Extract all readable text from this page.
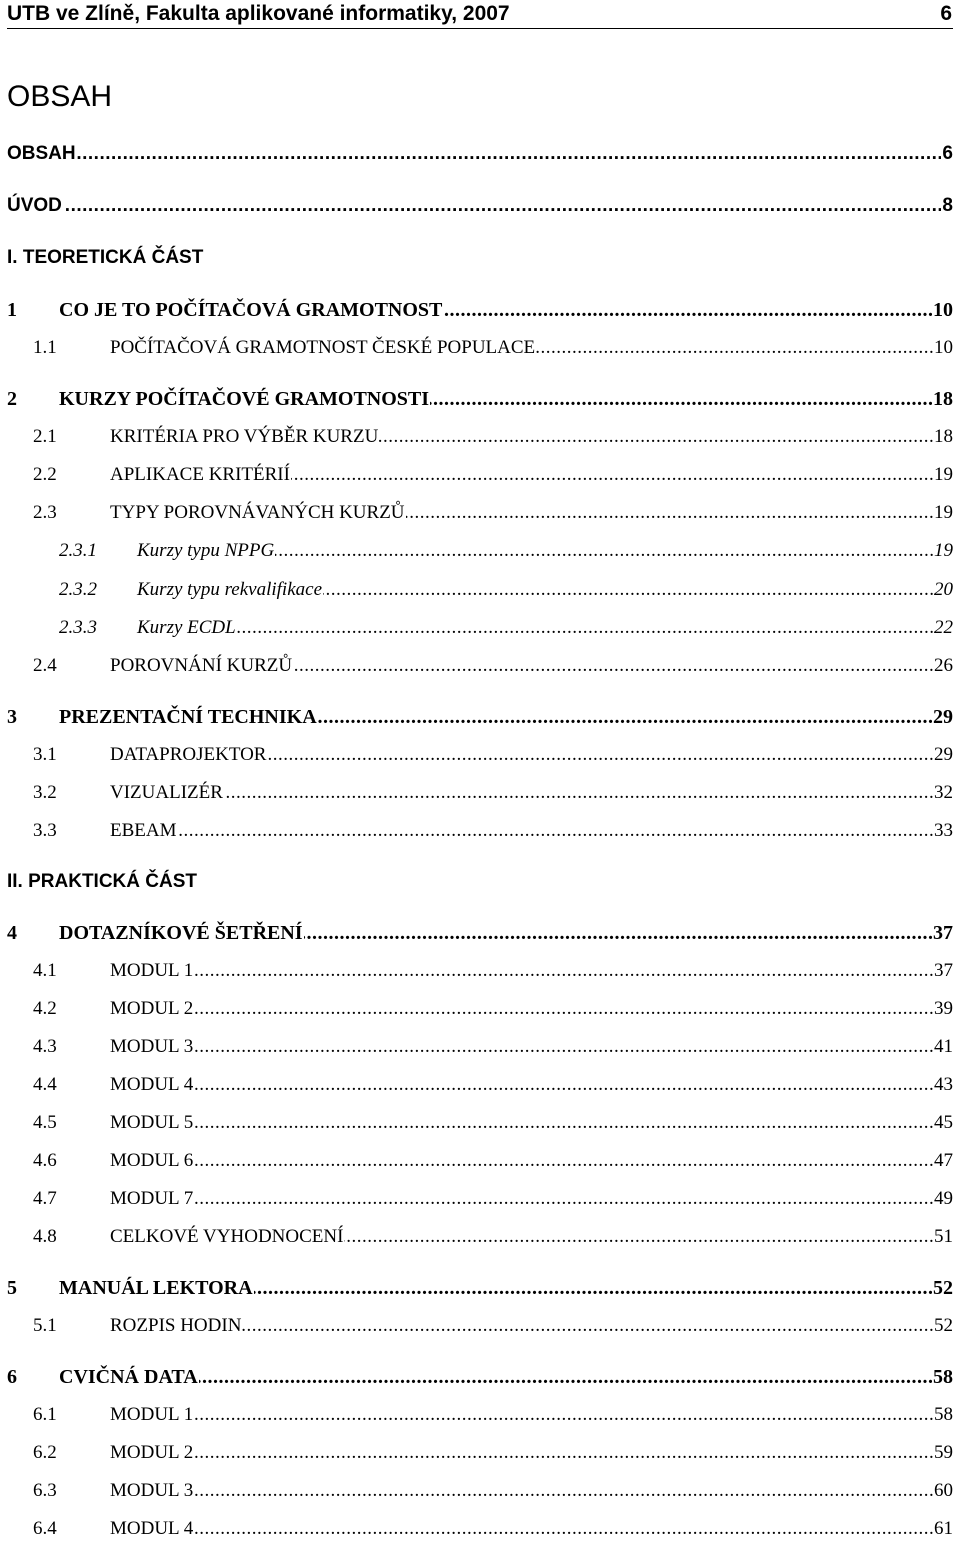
UTB ve Zlíně, Fakulta aplikované informatiky, 2007	6
OBSAH
.....
OBSAH	6
.....
ÚVOD	8
I. TEORETICKÁ ČÁST
1 ..... CO JE TO POČÍTAČOVÁ GRAMOTNOST	10
1.1 .....	POČÍTAČOVÁ GRAMOTNOST ČESKÉ POPULACE	10
2 ..... KURZY POČÍTAČOVÉ GRAMOTNOSTI	18
2.1 .....	KRITÉRIA PRO VÝBĚR KURZU	18
2.2 .....	APLIKACE KRITÉRIÍ	19
2.3 .....	TYPY POROVNÁVANÝCH KURZŮ	19
2.3.1 ..... Kurzy typu NPPG	19
2.3.2 ..... Kurzy typu rekvalifikace	20
2.3.3 ..... Kurzy ECDL	22
2.4 .....	POROVNÁNÍ KURZŮ	26
3 ..... PREZENTAČNÍ TECHNIKA	29
3.1 .....	DATAPROJEKTOR	29
3.2 .....	VIZUALIZÉR	32
3.3 .....	EBEAM	33
II. PRAKTICKÁ ČÁST
4 ..... DOTAZNÍKOVÉ ŠETŘENÍ	37
4.1 .....	MODUL 1	37
4.2 .....	MODUL 2	39
4.3 .....	MODUL 3	41
4.4 .....	MODUL 4	43
4.5 .....	MODUL 5	45
4.6 .....	MODUL 6	47
4.7 .....	MODUL 7	49
4.8 .....	CELKOVÉ VYHODNOCENÍ	51
5 ..... MANUÁL LEKTORA	52
5.1 .....	ROZPIS HODIN	52
6 ..... CVIČNÁ DATA	58
6.1 .....	MODUL 1	58
6.2 .....	MODUL 2	59
6.3 .....	MODUL 3	60
6.4 .....	MODUL 4	61
